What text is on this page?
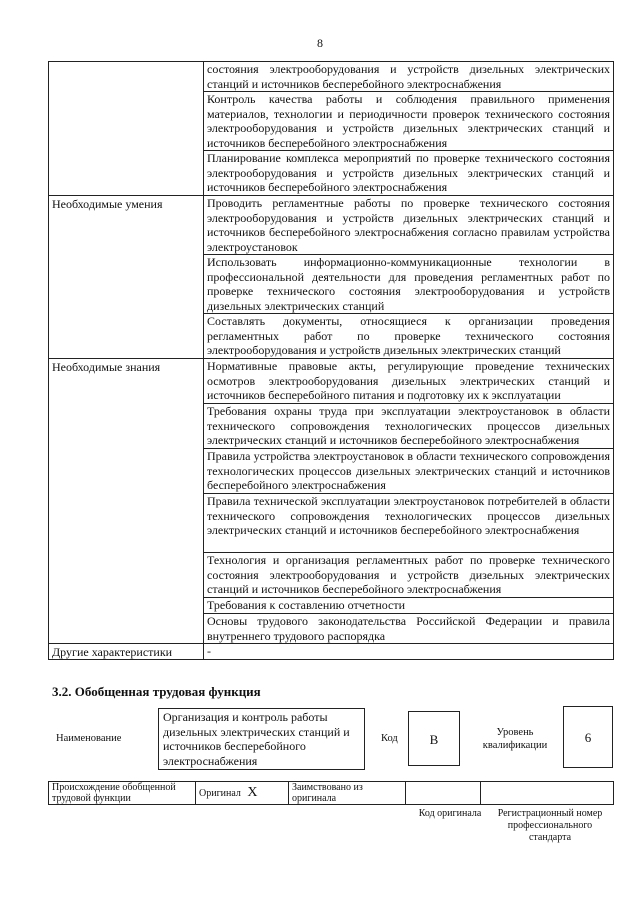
8
	состояния электрооборудования и устройств дизельных электрических станций и источников бесперебойного электроснабжения
	Контроль качества работы и соблюдения правильного применения материалов, технологии и периодичности проверок технического состояния электрооборудования и устройств дизельных электрических станций и источников бесперебойного электроснабжения
	Планирование комплекса мероприятий по проверке технического состояния электрооборудования и устройств дизельных электрических станций и источников бесперебойного электроснабжения
Необходимые умения	Проводить регламентные работы по проверке технического состояния электрооборудования и устройств дизельных электрических станций и источников бесперебойного электроснабжения согласно правилам устройства электроустановок
	Использовать информационно-коммуникационные технологии в профессиональной деятельности для проведения регламентных работ по проверке технического состояния электрооборудования и устройств дизельных электрических станций
	Составлять документы, относящиеся к организации проведения регламентных работ по проверке технического состояния электрооборудования и устройств дизельных электрических станций
Необходимые знания	Нормативные правовые акты, регулирующие проведение технических осмотров электрооборудования дизельных электрических станций и источников бесперебойного питания и подготовку их к эксплуатации
	Требования охраны труда при эксплуатации электроустановок в области технического сопровождения технологических процессов дизельных электрических станций и источников бесперебойного электроснабжения
	Правила устройства электроустановок в области технического сопровождения технологических процессов дизельных электрических станций и источников бесперебойного электроснабжения
	Правила технической эксплуатации электроустановок потребителей в области технического сопровождения технологических процессов дизельных электрических станций и источников бесперебойного электроснабжения
	Технология и организация регламентных работ по проверке технического состояния электрооборудования и устройств дизельных электрических станций и источников бесперебойного электроснабжения
	Требования к составлению отчетности
	Основы трудового законодательства Российской Федерации и правила внутреннего трудового распорядка
Другие характеристики	-
3.2. Обобщенная трудовая функция
Наименование
Организация и контроль работы дизельных электрических станций и источников бесперебойного электроснабжения
Код	B	Уровень квалификации
6
Происхождение обобщенной трудовой функции	Оригинал X	Заимствовано из оригинала		
Код оригинала	Регистрационный номер профессионального стандарта
